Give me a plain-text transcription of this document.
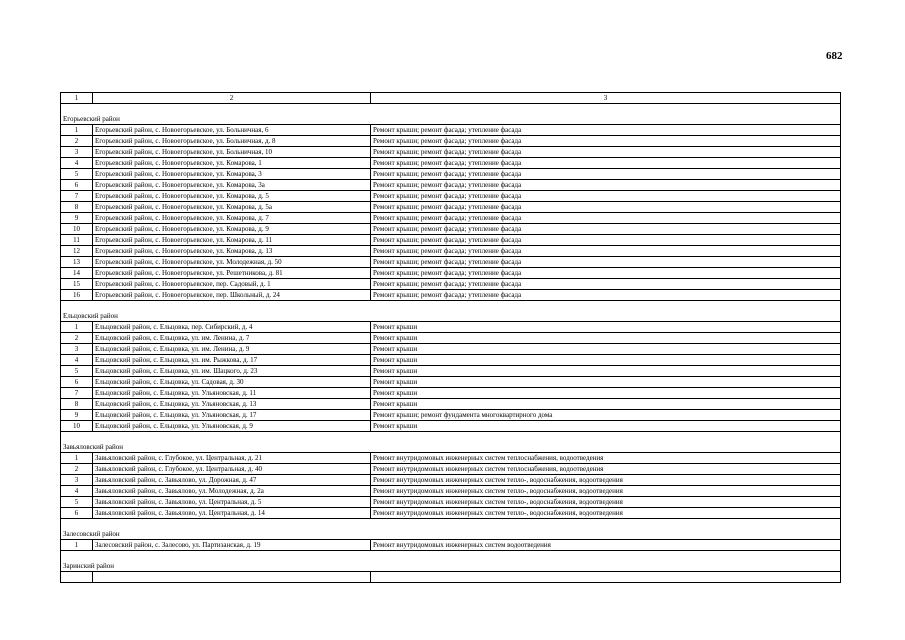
682
1	2	3

Егорьевский район		
1	Егорьевский район, с. Новоегорьевское, ул. Больничная, 6	Ремонт крыши; ремонт фасада; утепление фасада
2	Егорьевский район, с. Новоегорьевское, ул. Больничная, д. 8	Ремонт крыши; ремонт фасада; утепление фасада
3	Егорьевский район, с. Новоегорьевское, ул. Больничная, 10	Ремонт крыши; ремонт фасада; утепление фасада
4	Егорьевский район, с. Новоегорьевское, ул. Комарова, 1	Ремонт крыши; ремонт фасада; утепление фасада
5	Егорьевский район, с. Новоегорьевское, ул. Комарова, 3	Ремонт крыши; ремонт фасада; утепление фасада
6	Егорьевский район, с. Новоегорьевское, ул. Комарова, 3а	Ремонт крыши; ремонт фасада; утепление фасада
7	Егорьевский район, с. Новоегорьевское, ул. Комарова, д. 5	Ремонт крыши; ремонт фасада; утепление фасада
8	Егорьевский район, с. Новоегорьевское, ул. Комарова, д. 5а	Ремонт крыши; ремонт фасада; утепление фасада
9	Егорьевский район, с. Новоегорьевское, ул. Комарова, д. 7	Ремонт крыши; ремонт фасада; утепление фасада
10	Егорьевский район, с. Новоегорьевское, ул. Комарова, д. 9	Ремонт крыши; ремонт фасада; утепление фасада
11	Егорьевский район, с. Новоегорьевское, ул. Комарова, д. 11	Ремонт крыши; ремонт фасада; утепление фасада
12	Егорьевский район, с. Новоегорьевское, ул. Комарова, д. 13	Ремонт крыши; ремонт фасада; утепление фасада
13	Егорьевский район, с. Новоегорьевское, ул. Молодежная, д. 50	Ремонт крыши; ремонт фасада; утепление фасада
14	Егорьевский район, с. Новоегорьевское, ул. Решетникова, д. 81	Ремонт крыши; ремонт фасада; утепление фасада
15	Егорьевский район, с. Новоегорьевское, пер. Садовый, д. 1	Ремонт крыши; ремонт фасада; утепление фасада
16	Егорьевский район, с. Новоегорьевское, пер. Школьный, д. 24	Ремонт крыши; ремонт фасада; утепление фасада

Ельцовский район		
1	Ельцовский район, с. Ельцовка, пер. Сибирский, д. 4	Ремонт крыши
2	Ельцовский район, с. Ельцовка, ул. им. Ленина, д. 7	Ремонт крыши
3	Ельцовский район, с. Ельцовка, ул. им. Ленина, д. 9	Ремонт крыши
4	Ельцовский район, с. Ельцовка, ул. им. Рыжкова, д. 17	Ремонт крыши
5	Ельцовский район, с. Ельцовка, ул. им. Шацкого, д. 23	Ремонт крыши
6	Ельцовский район, с. Ельцовка, ул. Садовая, д. 30	Ремонт крыши
7	Ельцовский район, с. Ельцовка, ул. Ульяновская, д. 11	Ремонт крыши
8	Ельцовский район, с. Ельцовка, ул. Ульяновская, д. 13	Ремонт крыши
9	Ельцовский район, с. Ельцовка, ул. Ульяновская, д. 17	Ремонт крыши; ремонт фундамента многоквартирного дома
10	Ельцовский район, с. Ельцовка, ул. Ульяновская, д. 9	Ремонт крыши

Завьяловский район		
1	Завьяловский район, с. Глубокое, ул. Центральная, д. 21	Ремонт внутридомовых инженерных систем теплоснабжения, водоотведения
2	Завьяловский район, с. Глубокое, ул. Центральная, д. 40	Ремонт внутридомовых инженерных систем теплоснабжения, водоотведения
3	Завьяловский район, с. Завьялово, ул. Дорожная, д. 47	Ремонт внутридомовых инженерных систем тепло-, водоснабжения, водоотведения
4	Завьяловский район, с. Завьялово, ул. Молодежная, д. 2а	Ремонт внутридомовых инженерных систем тепло-, водоснабжения, водоотведения
5	Завьяловский район, с. Завьялово, ул. Центральная, д. 5	Ремонт внутридомовых инженерных систем тепло-, водоснабжения, водоотведения
6	Завьяловский район, с. Завьялово, ул. Центральная, д. 14	Ремонт внутридомовых инженерных систем тепло-, водоснабжения, водоотведения

Залесовский район		
1	Залесовский район, с. Залесово, ул. Партизанская, д. 19	Ремонт внутридомовых инженерных систем водоотведения

Заринский район		
